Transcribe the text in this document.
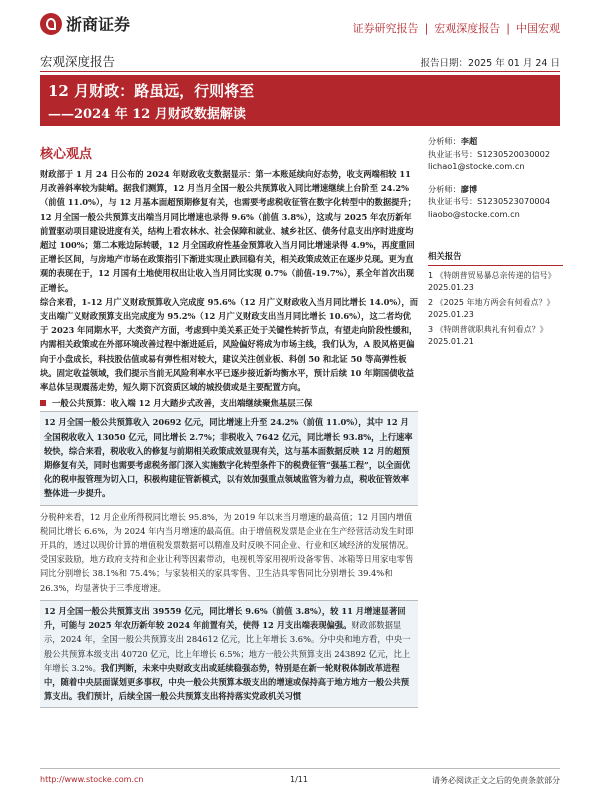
浙商证券	证券研究报告 | 宏观深度报告 | 中国宏观
宏观深度报告	报告日期：2025 年 01 月 24 日
12 月财政：路虽远，行则将至
——2024 年 12 月财政数据解读
核心观点

财政部于 1 月 24 日公布的 2024 年财政收支数据显示：第一本账延续向好态势，收支两端相较 11 月改善斜率较为陡峭。据我们测算，12 月当月全国一般公共预算收入同比增速继续上台阶至 24.2%（前值 11.0%），与 12 月基本面超预期修复有关，也需要考虑税收征管在数字化转型中的数据提升；12 月全国一般公共预算支出端当月同比增速也录得 9.6%（前值 3.8%），这或与 2025 年农历新年前置驱动项目建设进度有关，结构上看农林水、社会保障和就业、城乡社区、债务付息支出序时进度均超过 100%；第二本账边际转暖，12 月全国政府性基金预算收入当月同比增速录得 4.9%，再度重回正增长区间，与房地产市场在政策指引下渐进实现止跌回稳有关，相关政策成效正在逐步兑现。更为直观的表现在于，12 月国有土地使用权出让收入当月同比实现 0.7%（前值-19.7%），系全年首次出现正增长。

综合来看，1-12 月广义财政预算收入完成度 95.6%（12 月广义财政收入当月同比增长 14.0%），而支出端广义财政预算支出完成度为 95.2%（12 月广义财政支出当月同比增长 10.6%），这二者均优于 2023 年同期水平，大类资产方面，考虑到中美关系正处于关键性转折节点，有望走向阶段性缓和，内需相关政策或在外部环境改善过程中渐进延后，风险偏好将成为市场主线，我们认为，A 股风格更偏向于小盘成长，科技股估值或易有弹性相对较大，建议关注创业板、科创 50 和北证 50 等高弹性板块。固定收益领域，我们提示当前无风险利率水平已逐步接近新均衡水平，预计后续 10 年期国债收益率总体呈现震荡走势，短久期下沉资质区域的城投债或是主要配置方向。

一般公共预算：收入端 12 月大踏步式改善，支出端继续聚焦基层三保

12 月全国一般公共预算收入 20692 亿元，同比增速上升至 24.2%（前值 11.0%），其中 12 月全国税收收入 13050 亿元，同比增长 2.7%；非税收入 7642 亿元，同比增长 93.8%，上行速率较快，综合来看，税收收入的修复与前期相关政策成效显现有关，这与基本面数据反映 12 月的超预期修复有关，同时也需要考虑税务部门深入实施数字化转型条件下的税费征管“强基工程”，以全面优化的税申报管理为切入口，积极构建征管新模式，以有效加强重点领域监管为着力点，税收征管效率整体进一步提升。

分税种来看，12 月企业所得税同比增长 95.8%，为 2019 年以来当月增速的最高值；12 月国内增值税同比增长 6.6%，为 2024 年内当月增速的最高值。由于增值税发票是企业在生产经营活动发生时即开具的，透过以现价计算的增值税发票数据可以精准及时反映不同企业、行业和区域经济的发展情况。受国家鼓励，地方政府支持和企业让利等因素带动，电视机等家用视听设备零售、冰箱等日用家电零售同比分别增长 38.1%和 75.4%；与家装相关的家具零售、卫生洁具零售同比分别增长 39.4%和 26.3%，均显著快于三季度增速。

12 月全国一般公共预算支出 39559 亿元，同比增长 9.6%（前值 3.8%），较 11 月增速显著回升，可能与 2025 年农历新年较 2024 年前置有关，使得 12 月支出端表现偏强。财政部数据显示，2024 年，全国一般公共预算支出 284612 亿元，比上年增长 3.6%。分中央和地方看，中央一般公共预算本级支出 40720 亿元，比上年增长 6.5%；地方一般公共预算支出 243892 亿元，比上年增长 3.2%。我们判断，未来中央财政支出或延续稳强态势，特别是在新一轮财税体制改革进程中，随着中央层面谋划更多事权，中央一般公共预算本级支出的增速或保持高于地方地方一般公共预算支出。我们预计，后续全国一般公共预算支出将持落实党政机关习惯

分析师：李超
执业证书号：S1230520030002
lichao1@stocke.com.cn
分析师：廖博
执业证书号：S1230523070004
liaobo@stocke.com.cn
相关报告
1 《特朗普贸易暴总亲传递的信号》
2025.01.23
2 《2025 年地方两会有何看点？》
2025.01.23
3 《特朗普就职典礼有何看点？》
2025.01.21
http://www.stocke.com.cn	1/11	请务必阅读正文之后的免责条款部分
